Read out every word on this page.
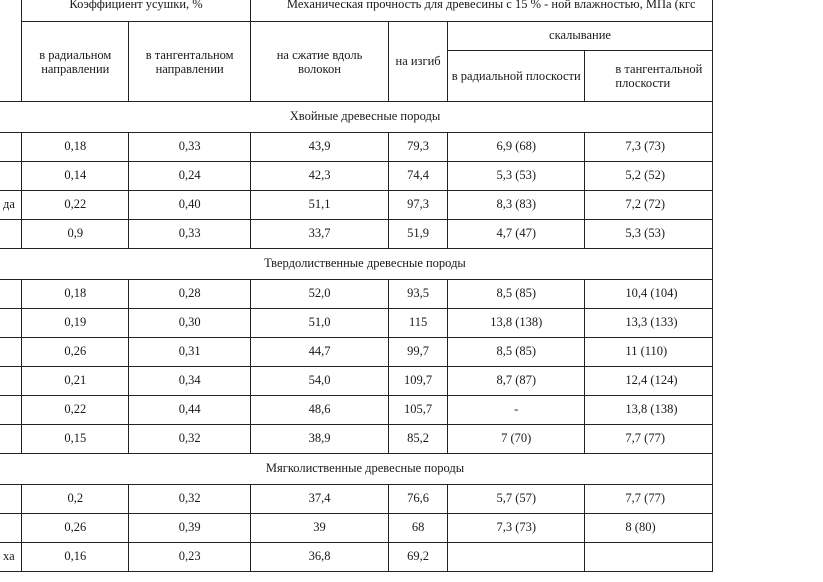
	Коэффициент усушки, %		Механическая прочность для древесины с 15 % - ной влажностью, МПа (кгс			
	в радиальном направлении	в тангентальном направлении	на сжатие вдоль волокон	на изгиб	скалывание	
					в радиальной плоскости	в тангентальной плоскости
Хвойные древесные породы						
	0,18	0,33	43,9	79,3	6,9 (68)	7,3 (73)
	0,14	0,24	42,3	74,4	5,3 (53)	5,2 (52)
да	0,22	0,40	51,1	97,3	8,3 (83)	7,2 (72)
	0,9	0,33	33,7	51,9	4,7 (47)	5,3 (53)
Твердолиственные древесные породы						
	0,18	0,28	52,0	93,5	8,5 (85)	10,4 (104)
	0,19	0,30	51,0	115	13,8 (138)	13,3 (133)
	0,26	0,31	44,7	99,7	8,5 (85)	11 (110)
	0,21	0,34	54,0	109,7	8,7 (87)	12,4 (124)
	0,22	0,44	48,6	105,7	-	13,8 (138)
	0,15	0,32	38,9	85,2	7 (70)	7,7 (77)
Мягколиственные древесные породы						
	0,2	0,32	37,4	76,6	5,7 (57)	7,7 (77)
	0,26	0,39	39	68	7,3 (73)	8 (80)
ха	0,16	0,23	36,8	69,2		
